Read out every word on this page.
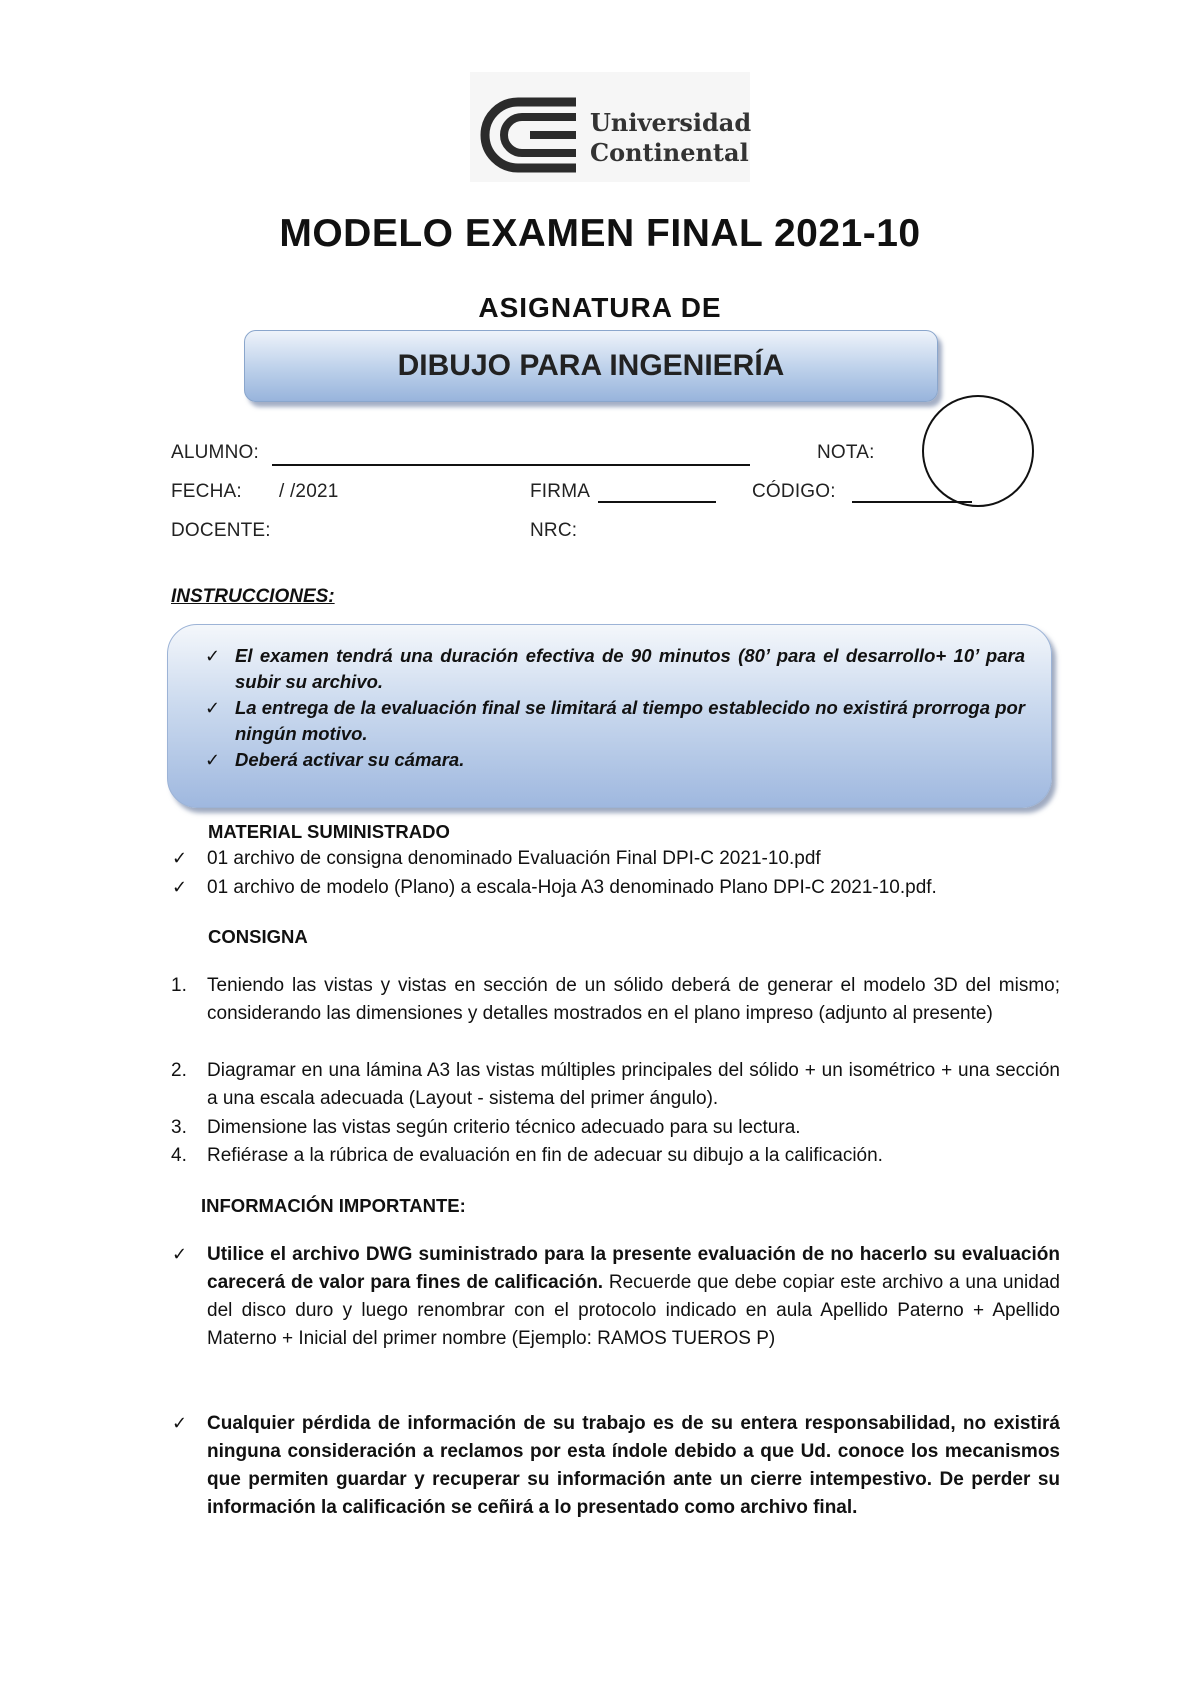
Universidad
Continental
MODELO EXAMEN FINAL 2021-10
ASIGNATURA DE
DIBUJO PARA INGENIERÍA
ALUMNO:	NOTA:
FECHA: / /2021	FIRMA	CÓDIGO:
DOCENTE:	NRC:
INSTRUCCIONES:
✓ El examen tendrá una duración efectiva de 90 minutos (80’ para el desarrollo+ 10’ para subir su archivo.
✓ La entrega de la evaluación final se limitará al tiempo establecido no existirá prorroga por ningún motivo.
✓ Deberá activar su cámara.
MATERIAL SUMINISTRADO
✓ 01 archivo de consigna denominado Evaluación Final DPI-C 2021-10.pdf
✓ 01 archivo de modelo (Plano) a escala-Hoja A3 denominado Plano DPI-C 2021-10.pdf.
CONSIGNA
1. Teniendo las vistas y vistas en sección de un sólido deberá de generar el modelo 3D del mismo; considerando las dimensiones y detalles mostrados en el plano impreso (adjunto al presente)
2. Diagramar en una lámina A3 las vistas múltiples principales del sólido + un isométrico + una sección a una escala adecuada (Layout - sistema del primer ángulo).
3. Dimensione las vistas según criterio técnico adecuado para su lectura.
4. Refiérase a la rúbrica de evaluación en fin de adecuar su dibujo a la calificación.
INFORMACIÓN IMPORTANTE:
✓ Utilice el archivo DWG suministrado para la presente evaluación de no hacerlo su evaluación carecerá de valor para fines de calificación. Recuerde que debe copiar este archivo a una unidad del disco duro y luego renombrar con el protocolo indicado en aula Apellido Paterno + Apellido Materno + Inicial del primer nombre (Ejemplo: RAMOS TUEROS P)
✓ Cualquier pérdida de información de su trabajo es de su entera responsabilidad, no existirá ninguna consideración a reclamos por esta índole debido a que Ud. conoce los mecanismos que permiten guardar y recuperar su información ante un cierre intempestivo. De perder su información la calificación se ceñirá a lo presentado como archivo final.
